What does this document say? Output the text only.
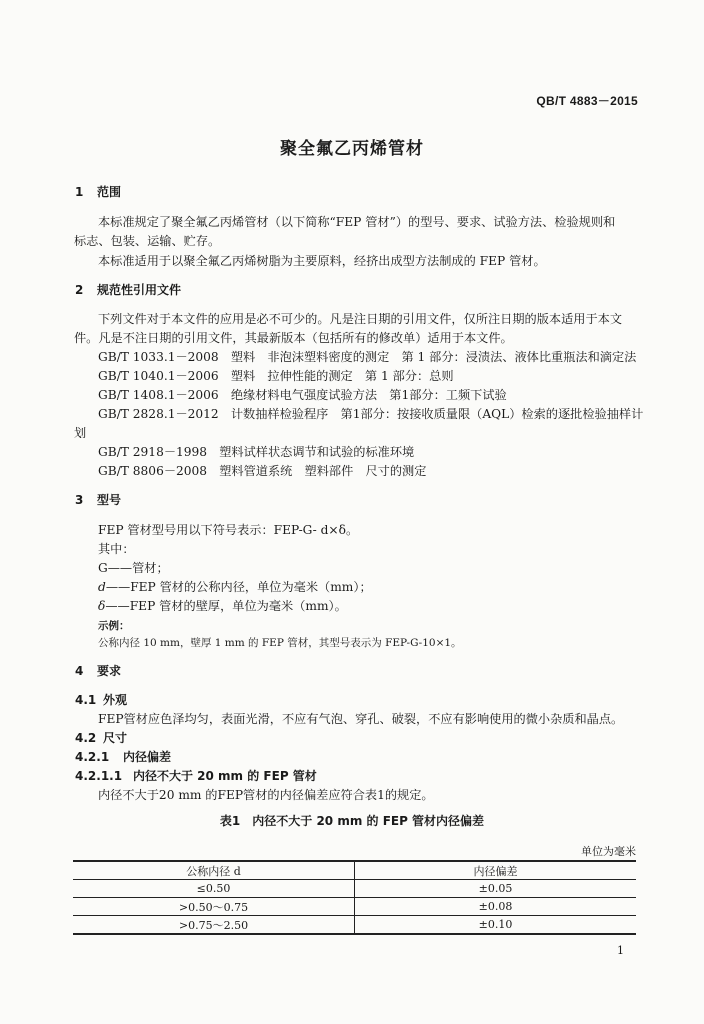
QB/T 4883－2015
聚全氟乙丙烯管材
1 范围
本标准规定了聚全氟乙丙烯管材（以下简称“FEP 管材”）的型号、要求、试验方法、检验规则和
标志、包装、运输、贮存。
本标准适用于以聚全氟乙丙烯树脂为主要原料，经挤出成型方法制成的 FEP 管材。
2 规范性引用文件
下列文件对于本文件的应用是必不可少的。凡是注日期的引用文件，仅所注日期的版本适用于本文
件。凡是不注日期的引用文件，其最新版本（包括所有的修改单）适用于本文件。
GB/T 1033.1－2008　塑料　非泡沫塑料密度的测定　第 1 部分：浸渍法、液体比重瓶法和滴定法
GB/T 1040.1－2006　塑料　拉伸性能的测定　第 1 部分：总则
GB/T 1408.1－2006　绝缘材料电气强度试验方法　第1部分：工频下试验
GB/T 2828.1－2012　计数抽样检验程序　第1部分：按接收质量限（AQL）检索的逐批检验抽样计
划
GB/T 2918－1998　塑料试样状态调节和试验的标准环境
GB/T 8806－2008　塑料管道系统　塑料部件　尺寸的测定
3 型号
FEP 管材型号用以下符号表示：FEP-G- d×δ。
其中：
G——管材；
d——FEP 管材的公称内径，单位为毫米（mm）；
δ——FEP 管材的壁厚，单位为毫米（mm）。
示例：
公称内径 10 mm，壁厚 1 mm 的 FEP 管材，其型号表示为 FEP-G-10×1。
4 要求
4.1 外观
FEP管材应色泽均匀，表面光滑，不应有气泡、穿孔、破裂，不应有影响使用的微小杂质和晶点。
4.2 尺寸
4.2.1 内径偏差
4.2.1.1 内径不大于 20 mm 的 FEP 管材
内径不大于20 mm 的FEP管材的内径偏差应符合表1的规定。
表1　内径不大于 20 mm 的 FEP 管材内径偏差
单位为毫米
公称内径 d	内径偏差
≤0.50	±0.05
>0.50～0.75	±0.08
>0.75～2.50	±0.10
1
